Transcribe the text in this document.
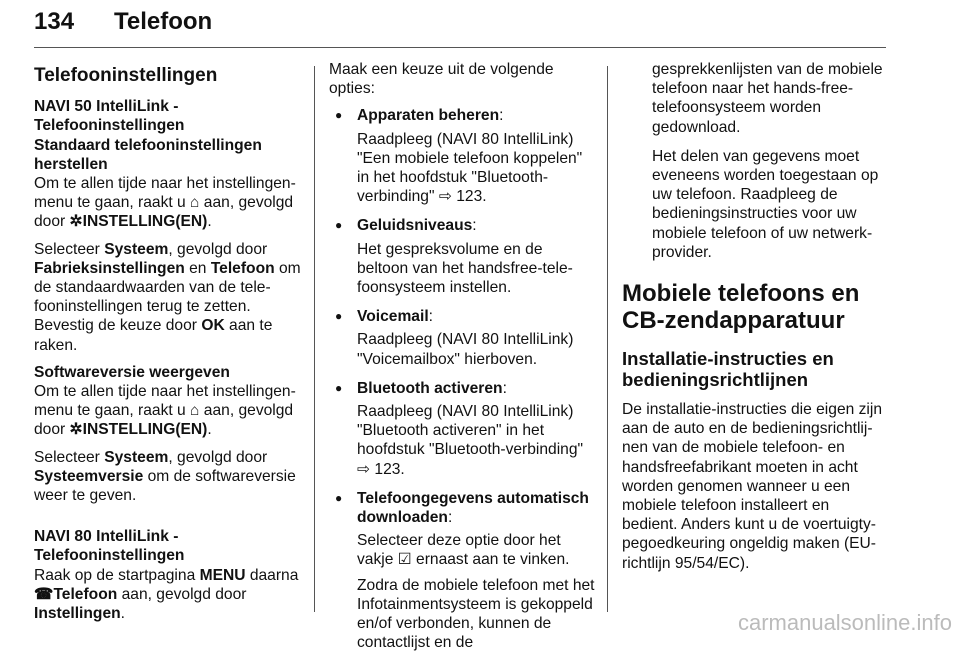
134 Telefoon
Telefooninstellingen
NAVI 50 IntelliLink - Telefooninstellingen
Standaard telefooninstellingen herstellen
Om te allen tijde naar het instellingen-menu te gaan, raakt u ⌂ aan, gevolgd door ✲INSTELLING(EN).
Selecteer Systeem, gevolgd door Fabrieksinstellingen en Telefoon om de standaardwaarden van de tele-fooninstellingen terug te zetten. Bevestig de keuze door OK aan te raken.
Softwareversie weergeven
Om te allen tijde naar het instellingen-menu te gaan, raakt u ⌂ aan, gevolgd door ✲INSTELLING(EN).
Selecteer Systeem, gevolgd door Systeemversie om de softwareversie weer te geven.
NAVI 80 IntelliLink - Telefooninstellingen
Raak op de startpagina MENU daarna ☎Telefoon aan, gevolgd door Instellingen.
Maak een keuze uit de volgende opties:
● Apparaten beheren:
Raadpleeg (NAVI 80 IntelliLink) "Een mobiele telefoon koppelen" in het hoofdstuk "Bluetooth-verbinding" ⇨ 123.
● Geluidsniveaus:
Het gespreksvolume en de beltoon van het handsfree-tele-foonsysteem instellen.
● Voicemail:
Raadpleeg (NAVI 80 IntelliLink) "Voicemailbox" hierboven.
● Bluetooth activeren:
Raadpleeg (NAVI 80 IntelliLink) "Bluetooth activeren" in het hoofdstuk "Bluetooth-verbinding" ⇨ 123.
● Telefoongegevens automatisch downloaden:
Selecteer deze optie door het vakje ☑ ernaast aan te vinken.
Zodra de mobiele telefoon met het Infotainmentsysteem is gekoppeld en/of verbonden, kunnen de contactlijst en de
gesprekkenlijsten van de mobiele telefoon naar het hands-free-telefoonsysteem worden gedownload.
Het delen van gegevens moet eveneens worden toegestaan op uw telefoon. Raadpleeg de bedieningsinstructies voor uw mobiele telefoon of uw netwerk-provider.
Mobiele telefoons en CB-zendapparatuur
Installatie-instructies en bedieningsrichtlijnen
De installatie-instructies die eigen zijn aan de auto en de bedieningsrichtlij-nen van de mobiele telefoon- en handsfreefabrikant moeten in acht worden genomen wanneer u een mobiele telefoon installeert en bedient. Anders kunt u de voertuigty-pegoedkeuring ongeldig maken (EU-richtlijn 95/54/EC).
carmanualsonline.info
